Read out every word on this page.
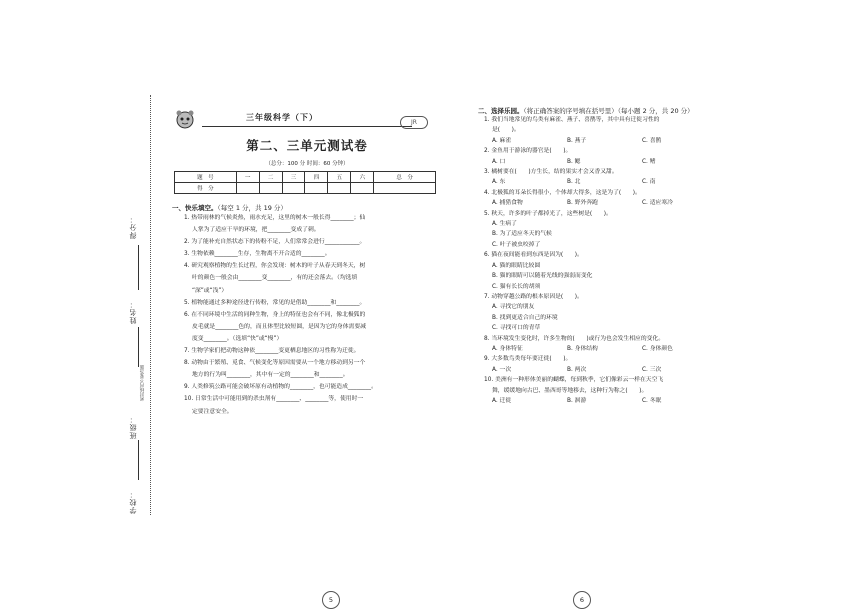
得分：
姓名：
密封线内不要答题
班级：
学校：
三年级科学（下）
JR
第二、三单元测试卷
（总分：100 分 时间：60 分钟）
题　号	一	二	三	四	五	六	总　分
得　分							
一、快乐填空。（每空 1 分，共 19 分）
1. 热带雨林的气候炎热，雨水充足，这里的树木一般长得________；仙
人掌为了适应干旱的环境，把________变成了刺。
2. 为了能补充自然状态下的传粉不足，人们常常会进行____________。
3. 生物依赖________生存，生物离不开合适的________。
4. 研究观察植物的生长过程，你会发现：树木的叶子从春天到冬天，树
叶的颜色一般会由________变________，有的还会落去。（均选填
“深”或“浅”）
5. 植物能通过多种途径进行传粉，常见的是借助________和________。
6. 在不同环境中生活的同种生物，身上的特征也会有不同，像北极狐的
皮毛就是________色的，而且体型比较短圆，是因为它的身体需要减
度变________。（选填“快”或“慢”）
7. 生物学家们把动物这种依________变更栖息地区的习性称为迁徙。
8. 动物由于繁殖、觅食、气候变化等原因需要从一个地方移动到另一个
地方的行为叫________，其中有一定的________和________。
9. 人类修筑公路可能会破坏原有动植物的________，也可能造成________。
10. 日常生活中可能用到的杀虫剂有________、________等，使用时一
定要注意安全。
5
二、选择乐园。（将正确答案的序号填在括号里）（每小题 2 分，共 20 分）
1. 我们当地常见的鸟类有麻雀、燕子、喜鹊等，其中具有迁徙习性的
是(　　)。
A. 麻雀	B. 燕子	C. 喜鹊
2. 金鱼用于游泳的器官是(　　)。
A. 口	B. 鳃	C. 鳍
3. 橘树要在(　　)方生长，结的果实才会又香又甜。
A. 东	B. 北	C. 南
4. 北极狐的耳朵长得很小，个体却大得多，这是为了(　　)。
A. 捕猎食物	B. 野外奔跑	C. 适应寒冷
5. 秋天，许多的叶子都掉光了，这些树是(　　)。
A. 生病了
B. 为了适应冬天的气候
C. 叶子被虫咬掉了
6. 猫在夜间能看到东西是因为(　　)。
A. 猫的眼睛比较圆
B. 猫的眼睛可以随着光线的强弱而变化
C. 猫有长长的胡须
7. 动物穿越公路的根本原因是(　　)。
A. 寻找它的朋友
B. 找到更适合自己的环境
C. 寻找可口的青草
8. 当环境发生变化时，许多生物的(　　)或行为也会发生相应的变化。
A. 身体特征	B. 身体结构	C. 身体颜色
9. 大多数鸟类每年要迁徙(　　)。
A. 一次	B. 两次	C. 三次
10. 美洲有一种形体美丽的蝴蝶，每到秋季，它们像彩云一样在天空飞
舞，缓缓地向古巴、墨西哥等地移去，这种行为称之(　　)。
A. 迁徙	B. 洄游	C. 冬眠
6
